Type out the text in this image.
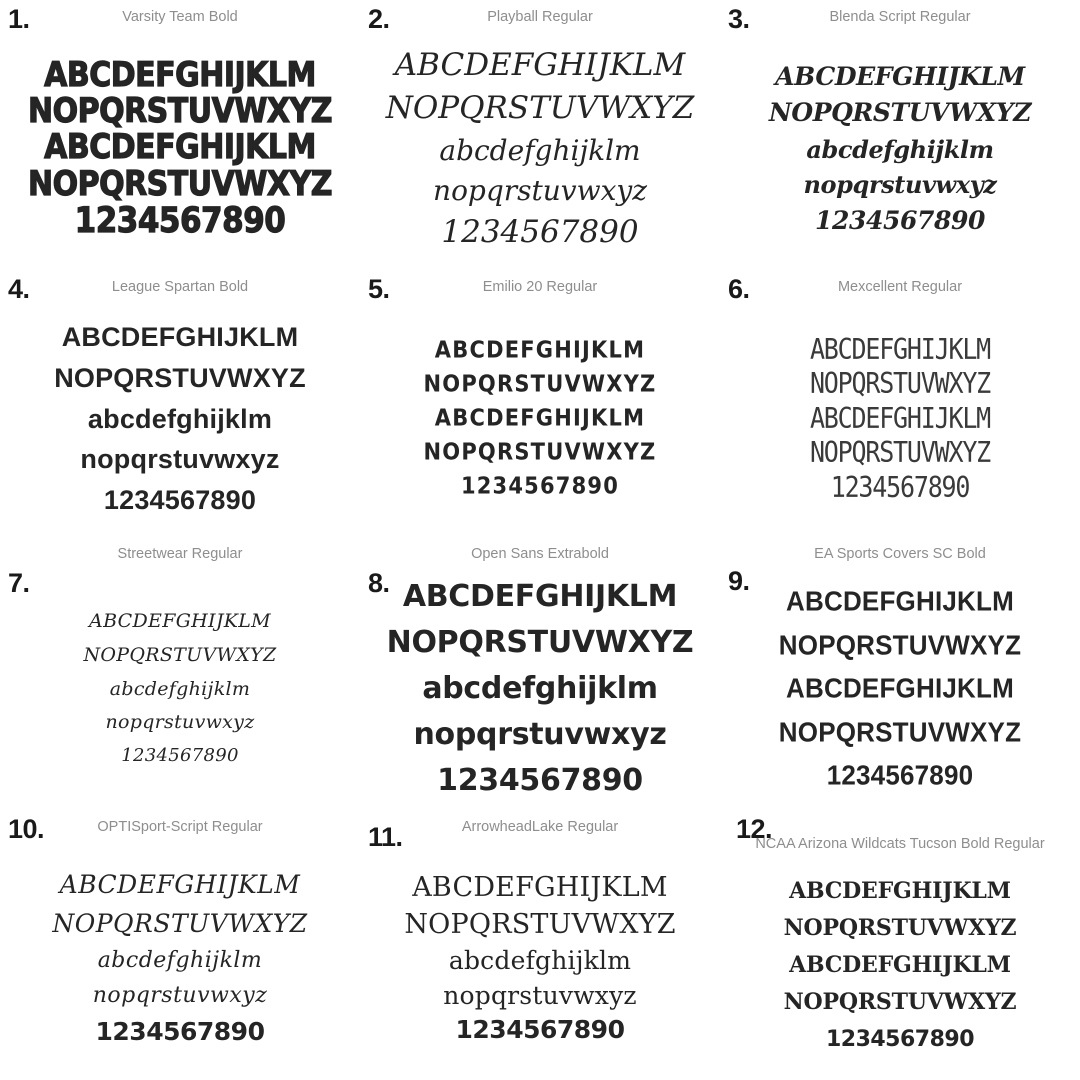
1.	Varsity Team Bold
ABCDEFGHIJKLM
NOPQRSTUVWXYZ
ABCDEFGHIJKLM
NOPQRSTUVWXYZ
1234567890
2.	Playball Regular
ABCDEFGHIJKLM
NOPQRSTUVWXYZ
abcdefghijklm
nopqrstuvwxyz
1234567890
3.	Blenda Script Regular
ABCDEFGHIJKLM
NOPQRSTUVWXYZ
abcdefghijklm
nopqrstuvwxyz
1234567890
4.	League Spartan Bold
ABCDEFGHIJKLM
NOPQRSTUVWXYZ
abcdefghijklm
nopqrstuvwxyz
1234567890
5.	Emilio 20 Regular
ABCDEFGHIJKLM
NOPQRSTUVWXYZ
ABCDEFGHIJKLM
NOPQRSTUVWXYZ
1234567890
6.	Mexcellent Regular
ABCDEFGHIJKLM
NOPQRSTUVWXYZ
ABCDEFGHIJKLM
NOPQRSTUVWXYZ
1234567890
7.
Streetwear Regular
ABCDEFGHIJKLM
NOPQRSTUVWXYZ
abcdefghijklm
nopqrstuvwxyz
1234567890
8.
Open Sans Extrabold
ABCDEFGHIJKLM
NOPQRSTUVWXYZ
abcdefghijklm
nopqrstuvwxyz
1234567890
9.
EA Sports Covers SC Bold
ABCDEFGHIJKLM
NOPQRSTUVWXYZ
ABCDEFGHIJKLM
NOPQRSTUVWXYZ
1234567890
10.	OPTISport-Script Regular
ABCDEFGHIJKLM
NOPQRSTUVWXYZ
abcdefghijklm
nopqrstuvwxyz
1234567890
11.	ArrowheadLake Regular
ABCDEFGHIJKLM
NOPQRSTUVWXYZ
abcdefghijklm
nopqrstuvwxyz
1234567890
12.
NCAA Arizona Wildcats Tucson Bold Regular
ABCDEFGHIJKLM
NOPQRSTUVWXYZ
ABCDEFGHIJKLM
NOPQRSTUVWXYZ
1234567890
